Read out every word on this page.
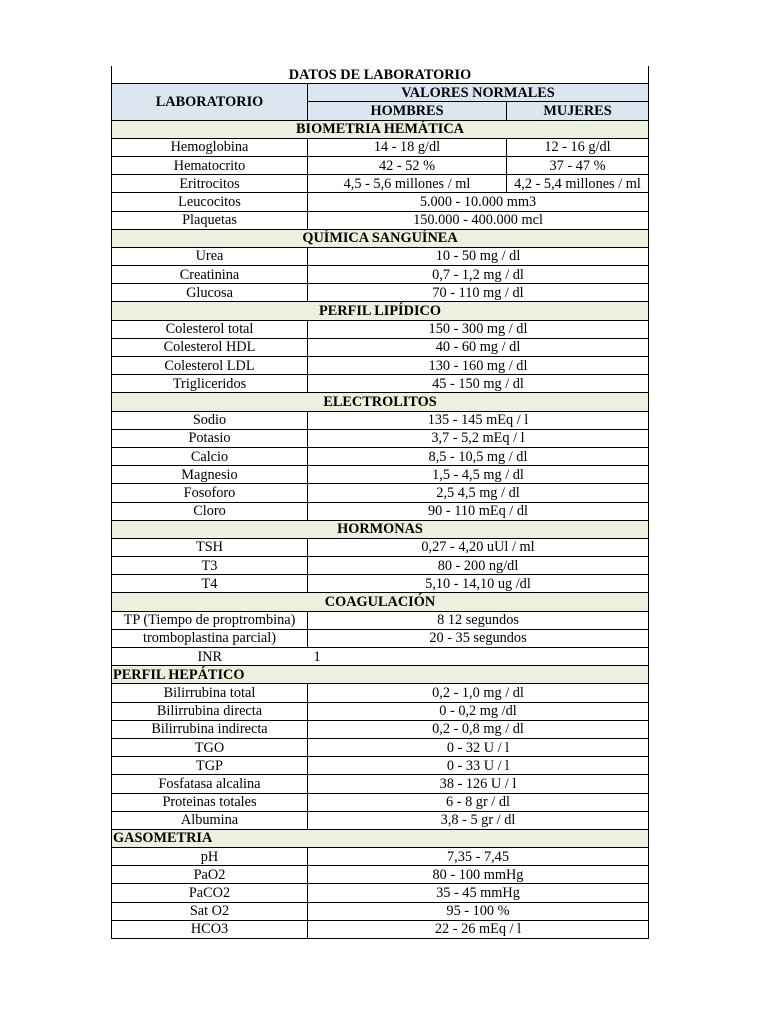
DATOS DE LABORATORIO		
LABORATORIO	VALORES NORMALES	
	HOMBRES	MUJERES
BIOMETRIA HEMÁTICA		
Hemoglobina	14 - 18 g/dl	12 - 16 g/dl
Hematocrito	42 - 52 %	37 - 47 %
Eritrocitos	4,5 - 5,6 millones / ml	4,2 - 5,4 millones / ml
Leucocitos	5.000 - 10.000 mm3	
Plaquetas	150.000 - 400.000 mcl	
QUÍMICA SANGUÍNEA		
Urea	10 - 50 mg / dl	
Creatinina	0,7 - 1,2 mg / dl	
Glucosa	70 - 110 mg / dl	
PERFIL LIPÍDICO		
Colesterol total	150 - 300 mg / dl	
Colesterol HDL	40 - 60 mg / dl	
Colesterol LDL	130 - 160 mg / dl	
Trigliceridos	45 - 150 mg / dl	
ELECTROLITOS		
Sodio	135 - 145 mEq / l	
Potasio	3,7 - 5,2 mEq / l	
Calcio	8,5 - 10,5 mg / dl	
Magnesio	1,5 - 4,5 mg / dl	
Fosoforo	2,5 4,5 mg / dl	
Cloro	90 - 110 mEq / dl	
HORMONAS		
TSH	0,27 - 4,20 uUl / ml	
T3	80 - 200 ng/dl	
T4	5,10 - 14,10 ug /dl	
COAGULACIÓN		
TP (Tiempo de proptrombina)	8 12 segundos	
tromboplastina parcial)	20 - 35 segundos	
INR	1	
PERFIL HEPÁTICO		
Bilirrubina total	0,2 - 1,0 mg / dl	
Bilirrubina directa	0 - 0,2 mg /dl	
Bilirrubina indirecta	0,2 - 0,8 mg / dl	
TGO	0 - 32 U / l	
TGP	0 - 33 U / l	
Fosfatasa alcalina	38 - 126 U / l	
Proteinas totales	6 - 8 gr / dl	
Albumina	3,8 - 5 gr / dl	
GASOMETRIA		
pH	7,35 - 7,45	
PaO2	80 - 100 mmHg	
PaCO2	35 - 45 mmHg	
Sat O2	95 - 100 %	
HCO3	22 - 26 mEq / l	
